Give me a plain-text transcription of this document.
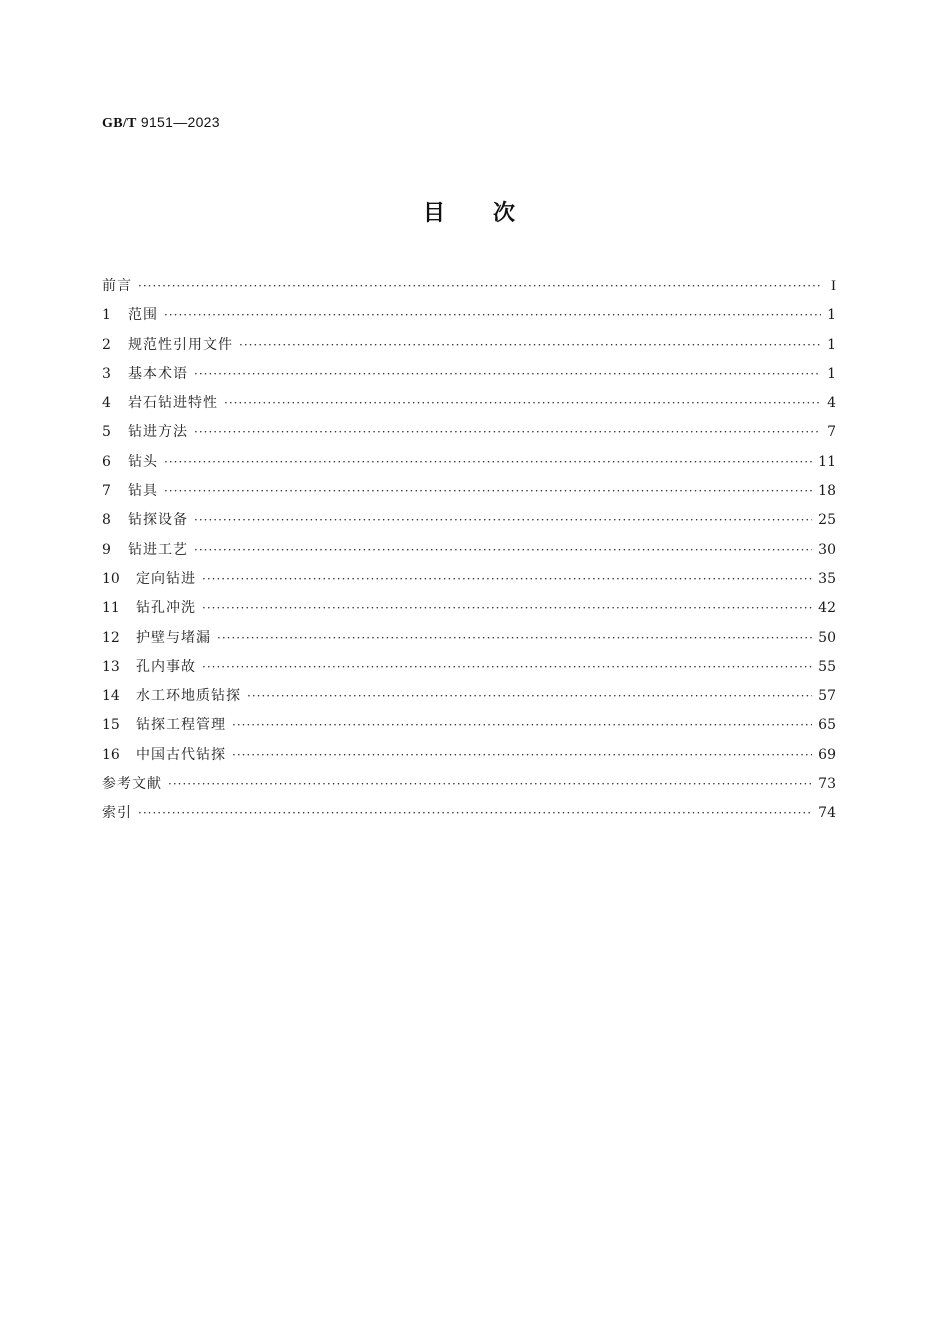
GB/T 9151—2023
目次
前言 ·····	I
1	范围 ·····	1
2	规范性引用文件 ·····	1
3	基本术语 ·····	1
4	岩石钻进特性 ·····	4
5	钻进方法 ·····	7
6	钻头 ·····	11
7	钻具 ·····	18
8	钻探设备 ·····	25
9	钻进工艺 ·····	30
10	定向钻进 ·····	35
11	钻孔冲洗 ·····	42
12	护壁与堵漏 ·····	50
13	孔内事故 ·····	55
14	水工环地质钻探 ·····	57
15	钻探工程管理 ·····	65
16	中国古代钻探 ·····	69
参考文献 ·····	73
索引 ·····	74
